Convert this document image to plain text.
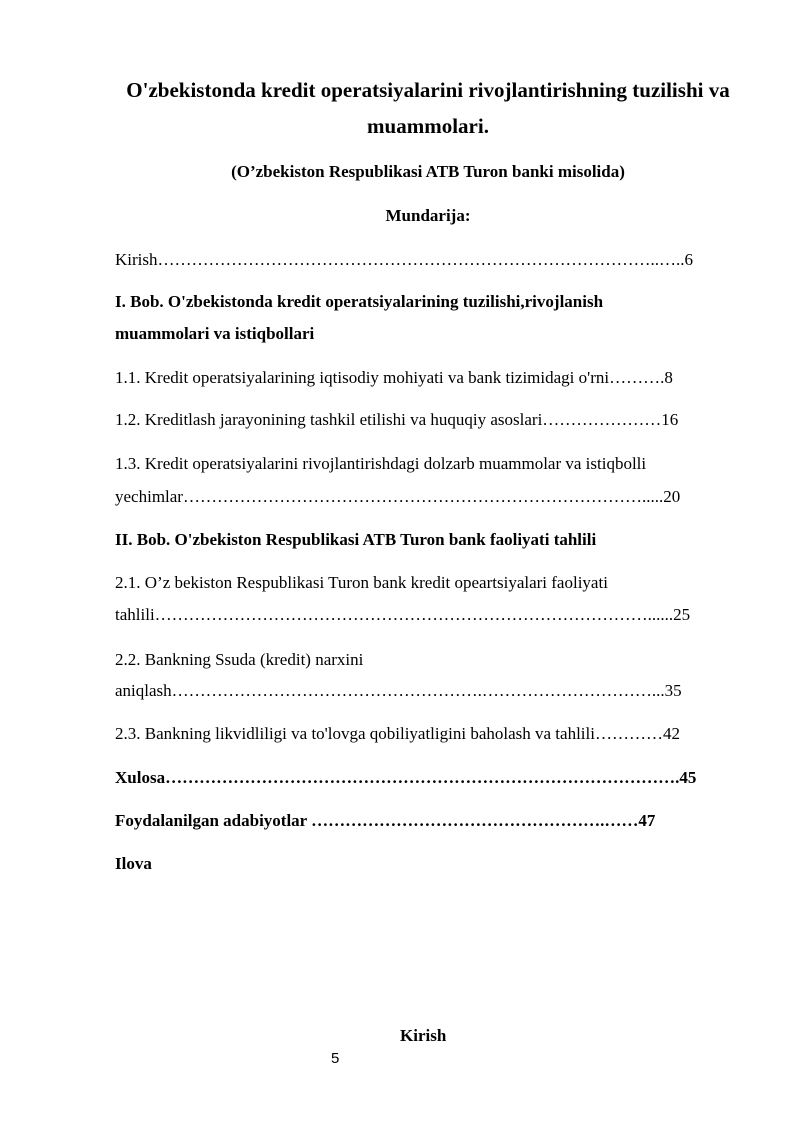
O'zbekistonda kredit operatsiyalarini rivojlantirishning tuzilishi va
muammolari.
(O’zbekiston Respublikasi ATB Turon banki misolida)
Mundarija:
Kirish……………………………………………………………………………..…..6
I. Bob. O'zbekistonda kredit operatsiyalarining tuzilishi,rivojlanish
muammolari va istiqbollari
1.1. Kredit operatsiyalarining iqtisodiy mohiyati va bank tizimidagi o'rni……….8
1.2. Kreditlash jarayonining tashkil etilishi va huquqiy asoslari…………………16
1.3. Kredit operatsiyalarini rivojlantirishdagi dolzarb muammolar va istiqbolli
yechimlar……………………………………………………………………….....20
II. Bob. O'zbekiston Respublikasi ATB Turon bank faoliyati tahlili
2.1. O’z bekiston Respublikasi Turon bank kredit opeartsiyalari faoliyati
tahlili……………………………………………………………………………......25
2.2. Bankning Ssuda (kredit) narxini
aniqlash……………………………………………….…………………………...35
2.3. Bankning likvidliligi va to'lovga qobiliyatligini baholash va tahlili…………42
Xulosa……………………………………………………………………………….45
Foydalanilgan adabiyotlar …………………………………………….……47
Ilova
Kirish
5
